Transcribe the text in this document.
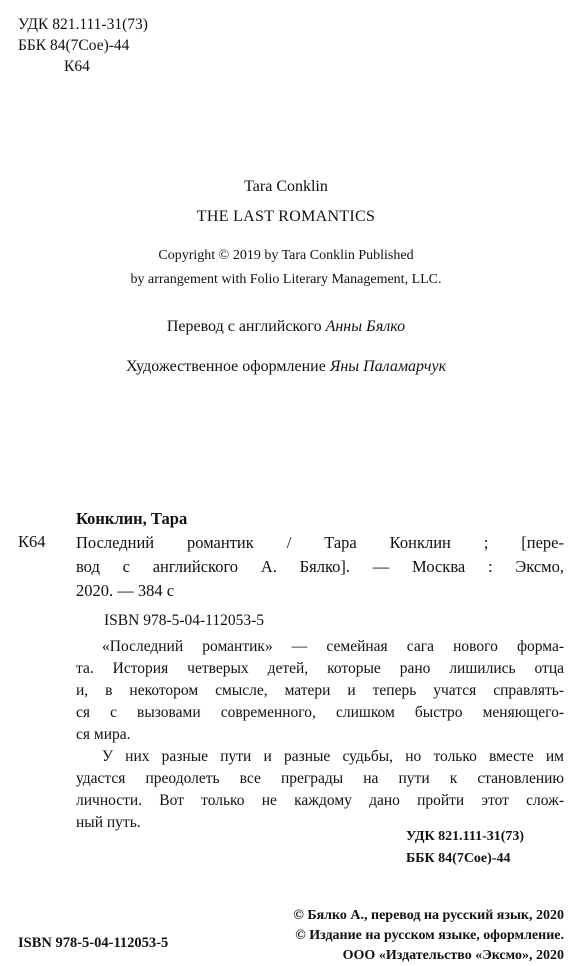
УДК 821.111-31(73)
ББК 84(7Сое)-44
К64
Tara Conklin
THE LAST ROMANTICS
Copyright © 2019 by Tara Conklin Published
by arrangement with Folio Literary Management, LLC.
Перевод с английского Анны Бялко
Художественное оформление Яны Паламарчук
Конклин, Тара
К64 Последний романтик / Тара Конклин ; [пере-
вод с английского А. Бялко]. — Москва : Эксмо,
2020. — 384 с
ISBN 978-5-04-112053-5
«Последний романтик» — семейная сага нового форма-
та. История четверых детей, которые рано лишились отца
и, в некотором смысле, матери и теперь учатся справлять-
ся с вызовами современного, слишком быстро меняющего-
ся мира.
У них разные пути и разные судьбы, но только вместе им
удастся преодолеть все преграды на пути к становлению
личности. Вот только не каждому дано пройти этот слож-
ный путь.
УДК 821.111-31(73)
ББК 84(7Сое)-44
ISBN 978-5-04-112053-5
© Бялко А., перевод на русский язык, 2020
© Издание на русском языке, оформление.
ООО «Издательство «Эксмо», 2020
